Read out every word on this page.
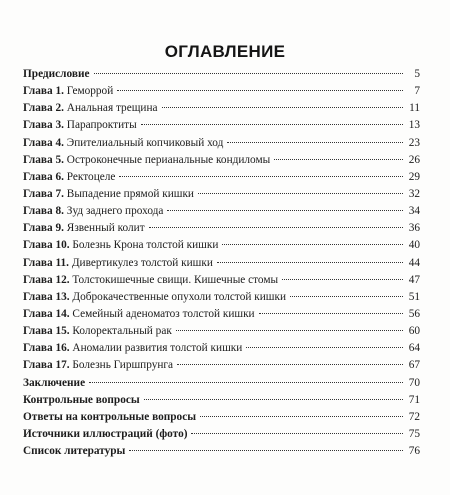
ОГЛАВЛЕНИЕ
Предисловие	5
Глава 1. Геморрой	7
Глава 2. Анальная трещина	11
Глава 3. Парапроктиты	13
Глава 4. Эпителиальный копчиковый ход	23
Глава 5. Остроконечные перианальные кондиломы	26
Глава 6. Ректоцеле	29
Глава 7. Выпадение прямой кишки	32
Глава 8. Зуд заднего прохода	34
Глава 9. Язвенный колит	36
Глава 10. Болезнь Крона толстой кишки	40
Глава 11. Дивертикулез толстой кишки	44
Глава 12. Толстокишечные свищи. Кишечные стомы	47
Глава 13. Доброкачественные опухоли толстой кишки	51
Глава 14. Семейный аденоматоз толстой кишки	56
Глава 15. Колоректальный рак	60
Глава 16. Аномалии развития толстой кишки	64
Глава 17. Болезнь Гиршпрунга	67
Заключение	70
Контрольные вопросы	71
Ответы на контрольные вопросы	72
Источники иллюстраций (фото)	75
Список литературы	76
